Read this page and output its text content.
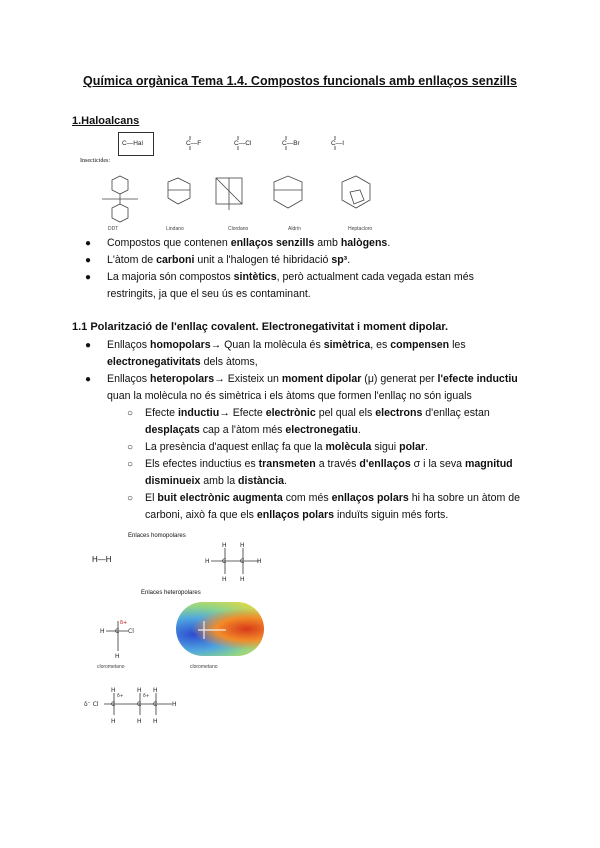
Química orgànica Tema 1.4. Compostos funcionals amb enllaços senzills
1.Haloalcans
C—Hal	C—F	C—Cl	C—Br	C—I
Insecticides:
DDT	Lindano	Clordano	Aldrín	Heptacloro
● Compostos que contenen enllaços senzills amb halògens.
● L'àtom de carboni unit a l'halogen té hibridació sp³.
● La majoria són compostos sintètics, però actualment cada vegada estan més restringits, ja que el seu ús es contaminant.
1.1 Polarització de l'enllaç covalent. Electronegativitat i moment dipolar.
● Enllaços homopolars→ Quan la molècula és simètrica, es compensen les electronegativitats dels àtoms,
● Enllaços heteropolars→ Existeix un moment dipolar (μ) generat per l'efecte inductiu quan la molècula no és simètrica i els àtoms que formen l'enllaç no són iguals
○ Efecte inductiu→ Efecte electrònic pel qual els electrons d'enllaç estan desplaçats cap a l'àtom més electronegatiu.
○ La presència d'aquest enllaç fa que la molècula sigui polar.
○ Els efectes inductius es transmeten a través d'enllaços σ i la seva magnitud disminueix amb la distància.
○ El buit electrònic augmenta com més enllaços polars hi ha sobre un àtom de carboni, això fa que els enllaços polars induïts siguin més forts.
Enlaces homopolares
H—H
H H
H H
H C C H
Enlaces heteropolares
H C Cl
H
δ+
clorometano	clorometano
δ⁻ Cl
H	H H
C	C C H
H	H H
δ+	δ+
